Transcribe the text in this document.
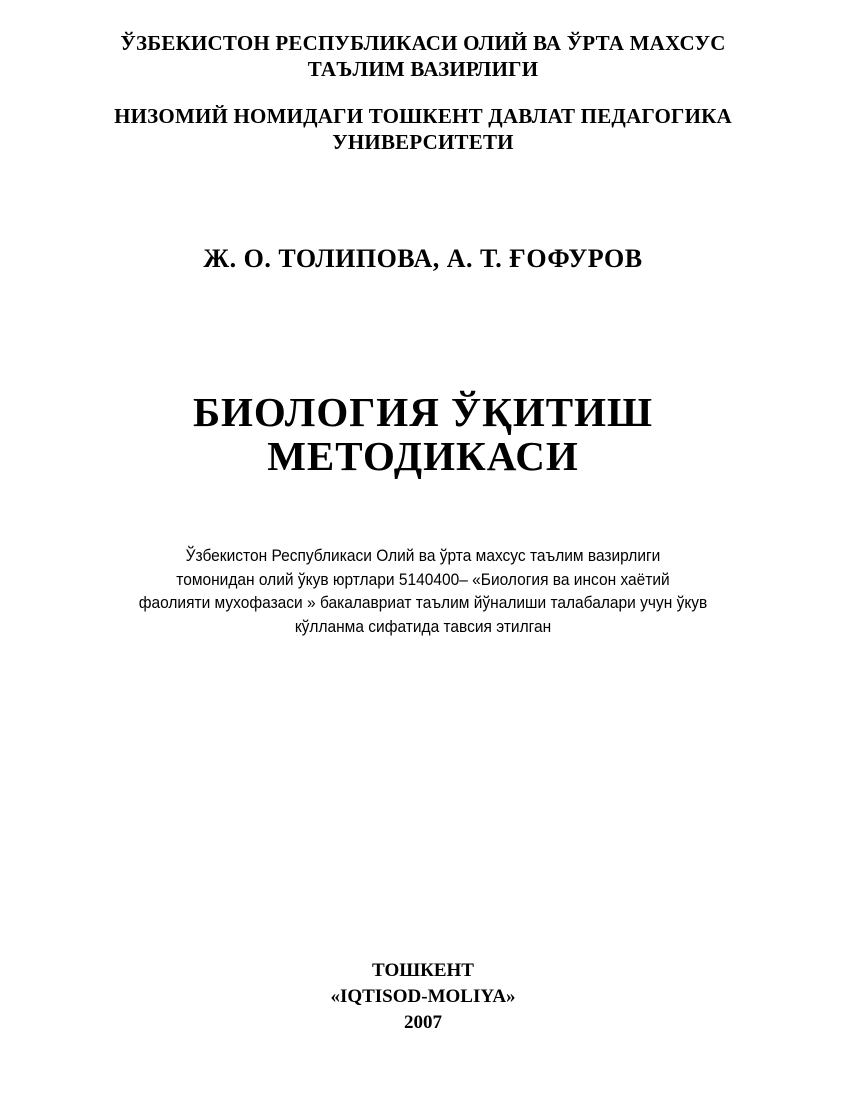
ЎЗБЕКИСТОН РЕСПУБЛИКАСИ ОЛИЙ ВА ЎРТА МАХСУС
ТАЪЛИМ ВАЗИРЛИГИ
НИЗОМИЙ НОМИДАГИ ТОШКЕНТ ДАВЛАТ ПЕДАГОГИКА
УНИВЕРСИТЕТИ
Ж. О. ТОЛИПОВА, А. Т. ҒОФУРОВ
БИОЛОГИЯ ЎҚИТИШ
МЕТОДИКАСИ
Ўзбекистон Республикаси Олий ва ўрта махсус таълим вазирлиги
томонидан олий ўкув юртлари 5140400– «Биология ва инсон хаётий
фаолияти мухофазаси » бакалавриат таълим йўналиши талабалари учун ўкув
кўлланма сифатида тавсия этилган
ТОШКЕНТ
«IQTISOD-MOLIYA»
2007
